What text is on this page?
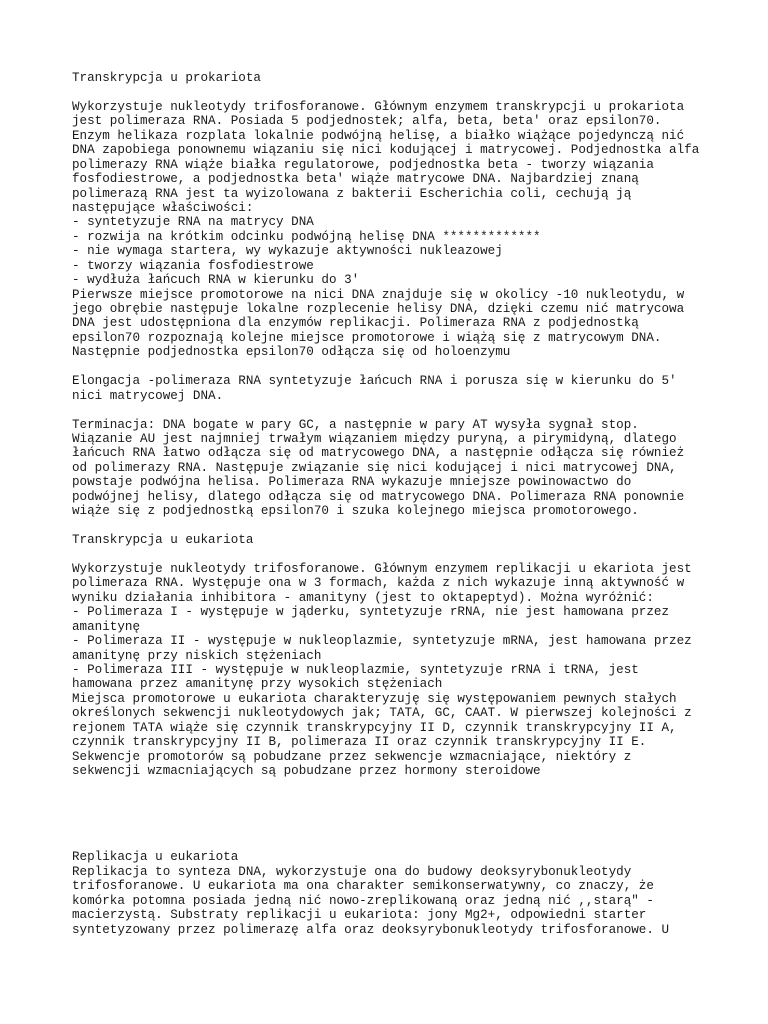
Transkrypcja u prokariota
Wykorzystuje nukleotydy trifosforanowe. Głównym enzymem transkrypcji u prokariota
jest polimeraza RNA. Posiada 5 podjednostek; alfa, beta, beta' oraz epsilon70.
Enzym helikaza rozplata lokalnie podwójną helisę, a białko wiążące pojedynczą nić
DNA zapobiega ponownemu wiązaniu się nici kodującej i matrycowej. Podjednostka alfa
polimerazy RNA wiąże białka regulatorowe, podjednostka beta - tworzy wiązania
fosfodiestrowe, a podjednostka beta' wiąże matrycowe DNA. Najbardziej znaną
polimerazą RNA jest ta wyizolowana z bakterii Escherichia coli, cechują ją
następujące właściwości:
- syntetyzuje RNA na matrycy DNA
- rozwija na krótkim odcinku podwójną helisę DNA *************
- nie wymaga startera, wy wykazuje aktywności nukleazowej
- tworzy wiązania fosfodiestrowe
- wydłuża łańcuch RNA w kierunku do 3'
Pierwsze miejsce promotorowe na nici DNA znajduje się w okolicy -10 nukleotydu, w
jego obrębie następuje lokalne rozplecenie helisy DNA, dzięki czemu nić matrycowa
DNA jest udostępniona dla enzymów replikacji. Polimeraza RNA z podjednostką
epsilon70 rozpoznają kolejne miejsce promotorowe i wiążą się z matrycowym DNA.
Następnie podjednostka epsilon70 odłącza się od holoenzymu
Elongacja -polimeraza RNA syntetyzuje łańcuch RNA i porusza się w kierunku do 5'
nici matrycowej DNA.
Terminacja: DNA bogate w pary GC, a następnie w pary AT wysyła sygnał stop.
Wiązanie AU jest najmniej trwałym wiązaniem między puryną, a pirymidyną, dlatego
łańcuch RNA łatwo odłącza się od matrycowego DNA, a następnie odłącza się również
od polimerazy RNA. Następuje związanie się nici kodującej i nici matrycowej DNA,
powstaje podwójna helisa. Polimeraza RNA wykazuje mniejsze powinowactwo do
podwójnej helisy, dlatego odłącza się od matrycowego DNA. Polimeraza RNA ponownie
wiąże się z podjednostką epsilon70 i szuka kolejnego miejsca promotorowego.
Transkrypcja u eukariota
Wykorzystuje nukleotydy trifosforanowe. Głównym enzymem replikacji u ekariota jest
polimeraza RNA. Występuje ona w 3 formach, każda z nich wykazuje inną aktywność w
wyniku działania inhibitora - amanityny (jest to oktapeptyd). Można wyróżnić:
- Polimeraza I - występuje w jąderku, syntetyzuje rRNA, nie jest hamowana przez
amanitynę
- Polimeraza II - występuje w nukleoplazmie, syntetyzuje mRNA, jest hamowana przez
amanitynę przy niskich stężeniach
- Polimeraza III - występuje w nukleoplazmie, syntetyzuje rRNA i tRNA, jest
hamowana przez amanitynę przy wysokich stężeniach
Miejsca promotorowe u eukariota charakteryzuję się występowaniem pewnych stałych
określonych sekwencji nukleotydowych jak; TATA, GC, CAAT. W pierwszej kolejności z
rejonem TATA wiąże się czynnik transkrypcyjny II D, czynnik transkrypcyjny II A,
czynnik transkrypcyjny II B, polimeraza II oraz czynnik transkrypcyjny II E.
Sekwencje promotorów są pobudzane przez sekwencje wzmacniające, niektóry z
sekwencji wzmacniających są pobudzane przez hormony steroidowe
Replikacja u eukariota
Replikacja to synteza DNA, wykorzystuje ona do budowy deoksyrybonukleotydy
trifosforanowe. U eukariota ma ona charakter semikonserwatywny, co znaczy, że
komórka potomna posiada jedną nić nowo-zreplikowaną oraz jedną nić ,,starą" -
macierzystą. Substraty replikacji u eukariota: jony Mg2+, odpowiedni starter
syntetyzowany przez polimerazę alfa oraz deoksyrybonukleotydy trifosforanowe. U
